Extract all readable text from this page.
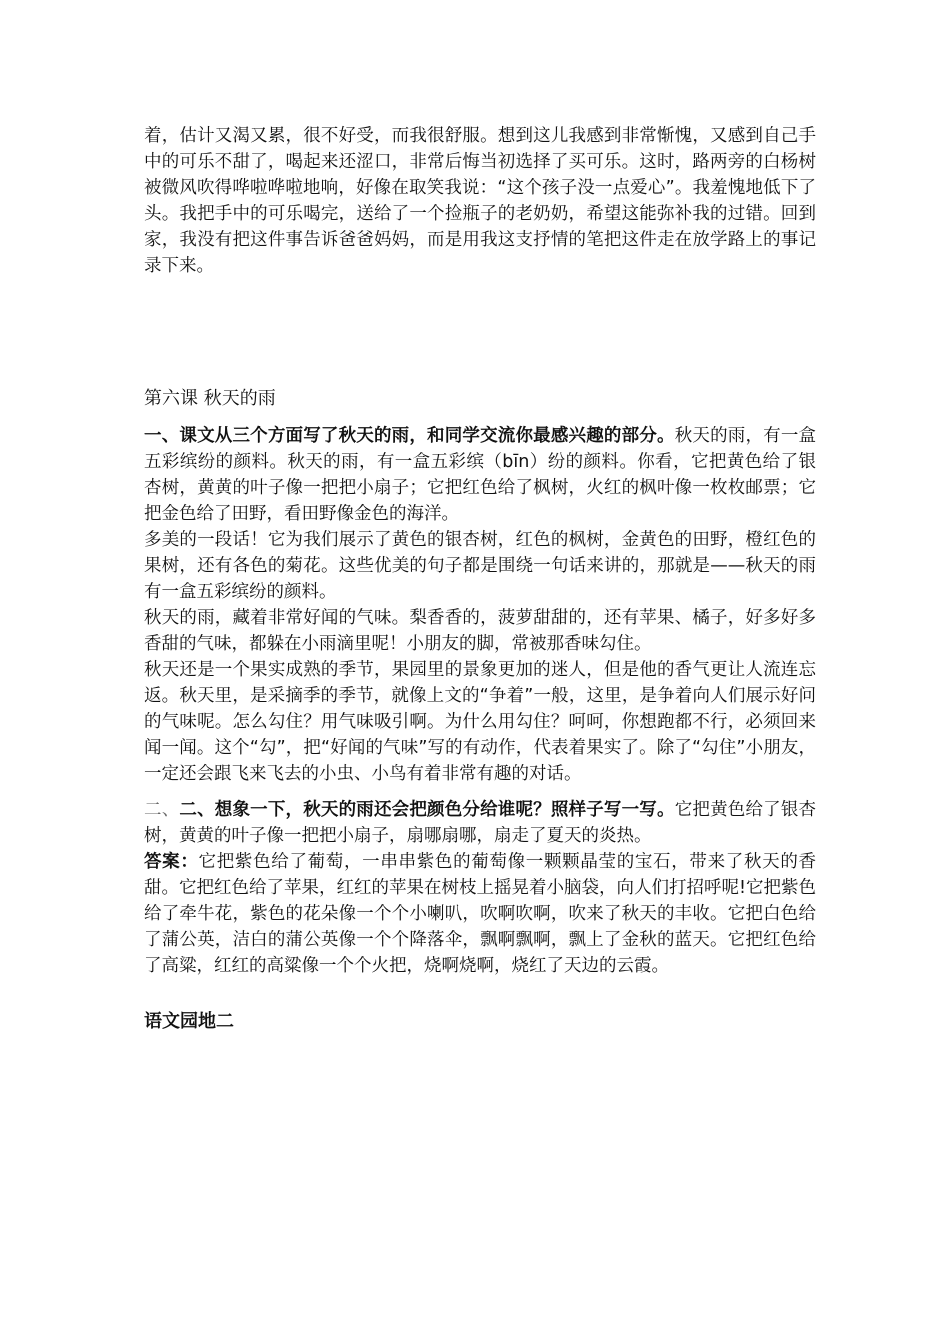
着，估计又渴又累，很不好受，而我很舒服。想到这儿我感到非常惭愧，又感到自己手中的可乐不甜了，喝起来还涩口，非常后悔当初选择了买可乐。这时，路两旁的白杨树被微风吹得哗啦哗啦地响，好像在取笑我说：“这个孩子没一点爱心”。我羞愧地低下了头。我把手中的可乐喝完，送给了一个捡瓶子的老奶奶，希望这能弥补我的过错。回到家，我没有把这件事告诉爸爸妈妈，而是用我这支抒情的笔把这件走在放学路上的事记录下来。

第六课 秋天的雨

一、课文从三个方面写了秋天的雨，和同学交流你最感兴趣的部分。秋天的雨，有一盒五彩缤纷的颜料。秋天的雨，有一盒五彩缤（bīn）纷的颜料。你看，它把黄色给了银杏树，黄黄的叶子像一把把小扇子；它把红色给了枫树，火红的枫叶像一枚枚邮票；它把金色给了田野，看田野像金色的海洋。

多美的一段话！它为我们展示了黄色的银杏树，红色的枫树，金黄色的田野，橙红色的果树，还有各色的菊花。这些优美的句子都是围绕一句话来讲的，那就是——秋天的雨有一盒五彩缤纷的颜料。

秋天的雨，藏着非常好闻的气味。梨香香的，菠萝甜甜的，还有苹果、橘子，好多好多香甜的气味，都躲在小雨滴里呢！小朋友的脚，常被那香味勾住。

秋天还是一个果实成熟的季节，果园里的景象更加的迷人，但是他的香气更让人流连忘返。秋天里，是采摘季的季节，就像上文的“争着”一般，这里，是争着向人们展示好问的气味呢。怎么勾住？用气味吸引啊。为什么用勾住？呵呵，你想跑都不行，必须回来闻一闻。这个“勾”，把“好闻的气味”写的有动作，代表着果实了。除了“勾住”小朋友，一定还会跟飞来飞去的小虫、小鸟有着非常有趣的对话。

二、二、想象一下，秋天的雨还会把颜色分给谁呢？照样子写一写。它把黄色给了银杏树，黄黄的叶子像一把把小扇子，扇哪扇哪，扇走了夏天的炎热。

答案：它把紫色给了葡萄，一串串紫色的葡萄像一颗颗晶莹的宝石，带来了秋天的香甜。它把红色给了苹果，红红的苹果在树枝上摇晃着小脑袋，向人们打招呼呢!它把紫色给了牵牛花，紫色的花朵像一个个小喇叭，吹啊吹啊，吹来了秋天的丰收。它把白色给了蒲公英，洁白的蒲公英像一个个降落伞，飘啊飘啊，飘上了金秋的蓝天。它把红色给了高粱，红红的高粱像一个个火把，烧啊烧啊，烧红了天边的云霞。

语文园地二
